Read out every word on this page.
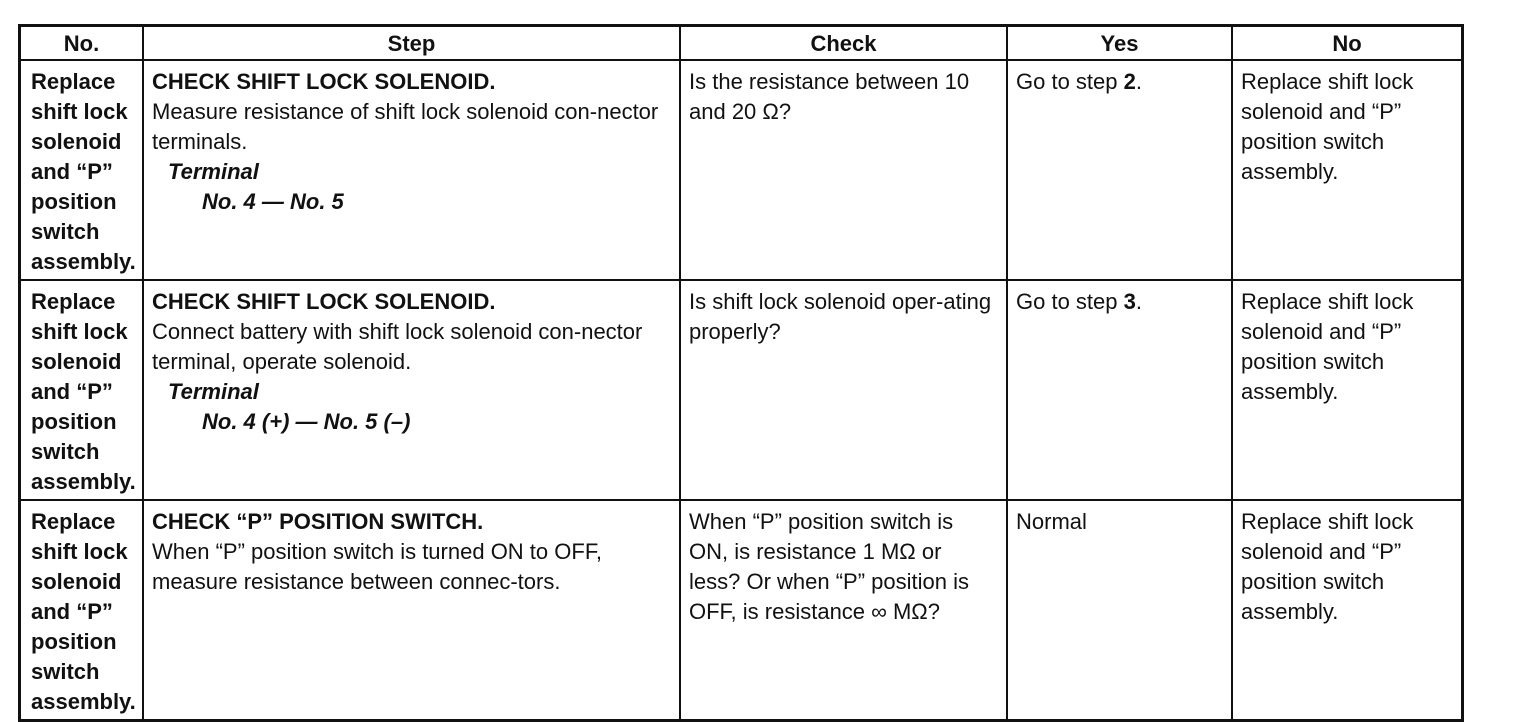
No.	Step	Check	Yes	No
Replace shift lock solenoid and “P” position switch assembly.	CHECK SHIFT LOCK SOLENOID.
Measure resistance of shift lock solenoid con-nector terminals.
Terminal
No. 4 — No. 5	Is the resistance between 10 and 20 Ω?	Go to step 2.	Replace shift lock solenoid and “P” position switch assembly.
Replace shift lock solenoid and “P” position switch assembly.	CHECK SHIFT LOCK SOLENOID.
Connect battery with shift lock solenoid con-nector terminal, operate solenoid.
Terminal
No. 4 (+) — No. 5 (–)	Is shift lock solenoid oper-ating properly?	Go to step 3.	Replace shift lock solenoid and “P” position switch assembly.
Replace shift lock solenoid and “P” position switch assembly.	CHECK “P” POSITION SWITCH.
When “P” position switch is turned ON to OFF, measure resistance between connec-tors.	When “P” position switch is ON, is resistance 1 MΩ or less? Or when “P” position is OFF, is resistance ∞ MΩ?	Normal	Replace shift lock solenoid and “P” position switch assembly.
